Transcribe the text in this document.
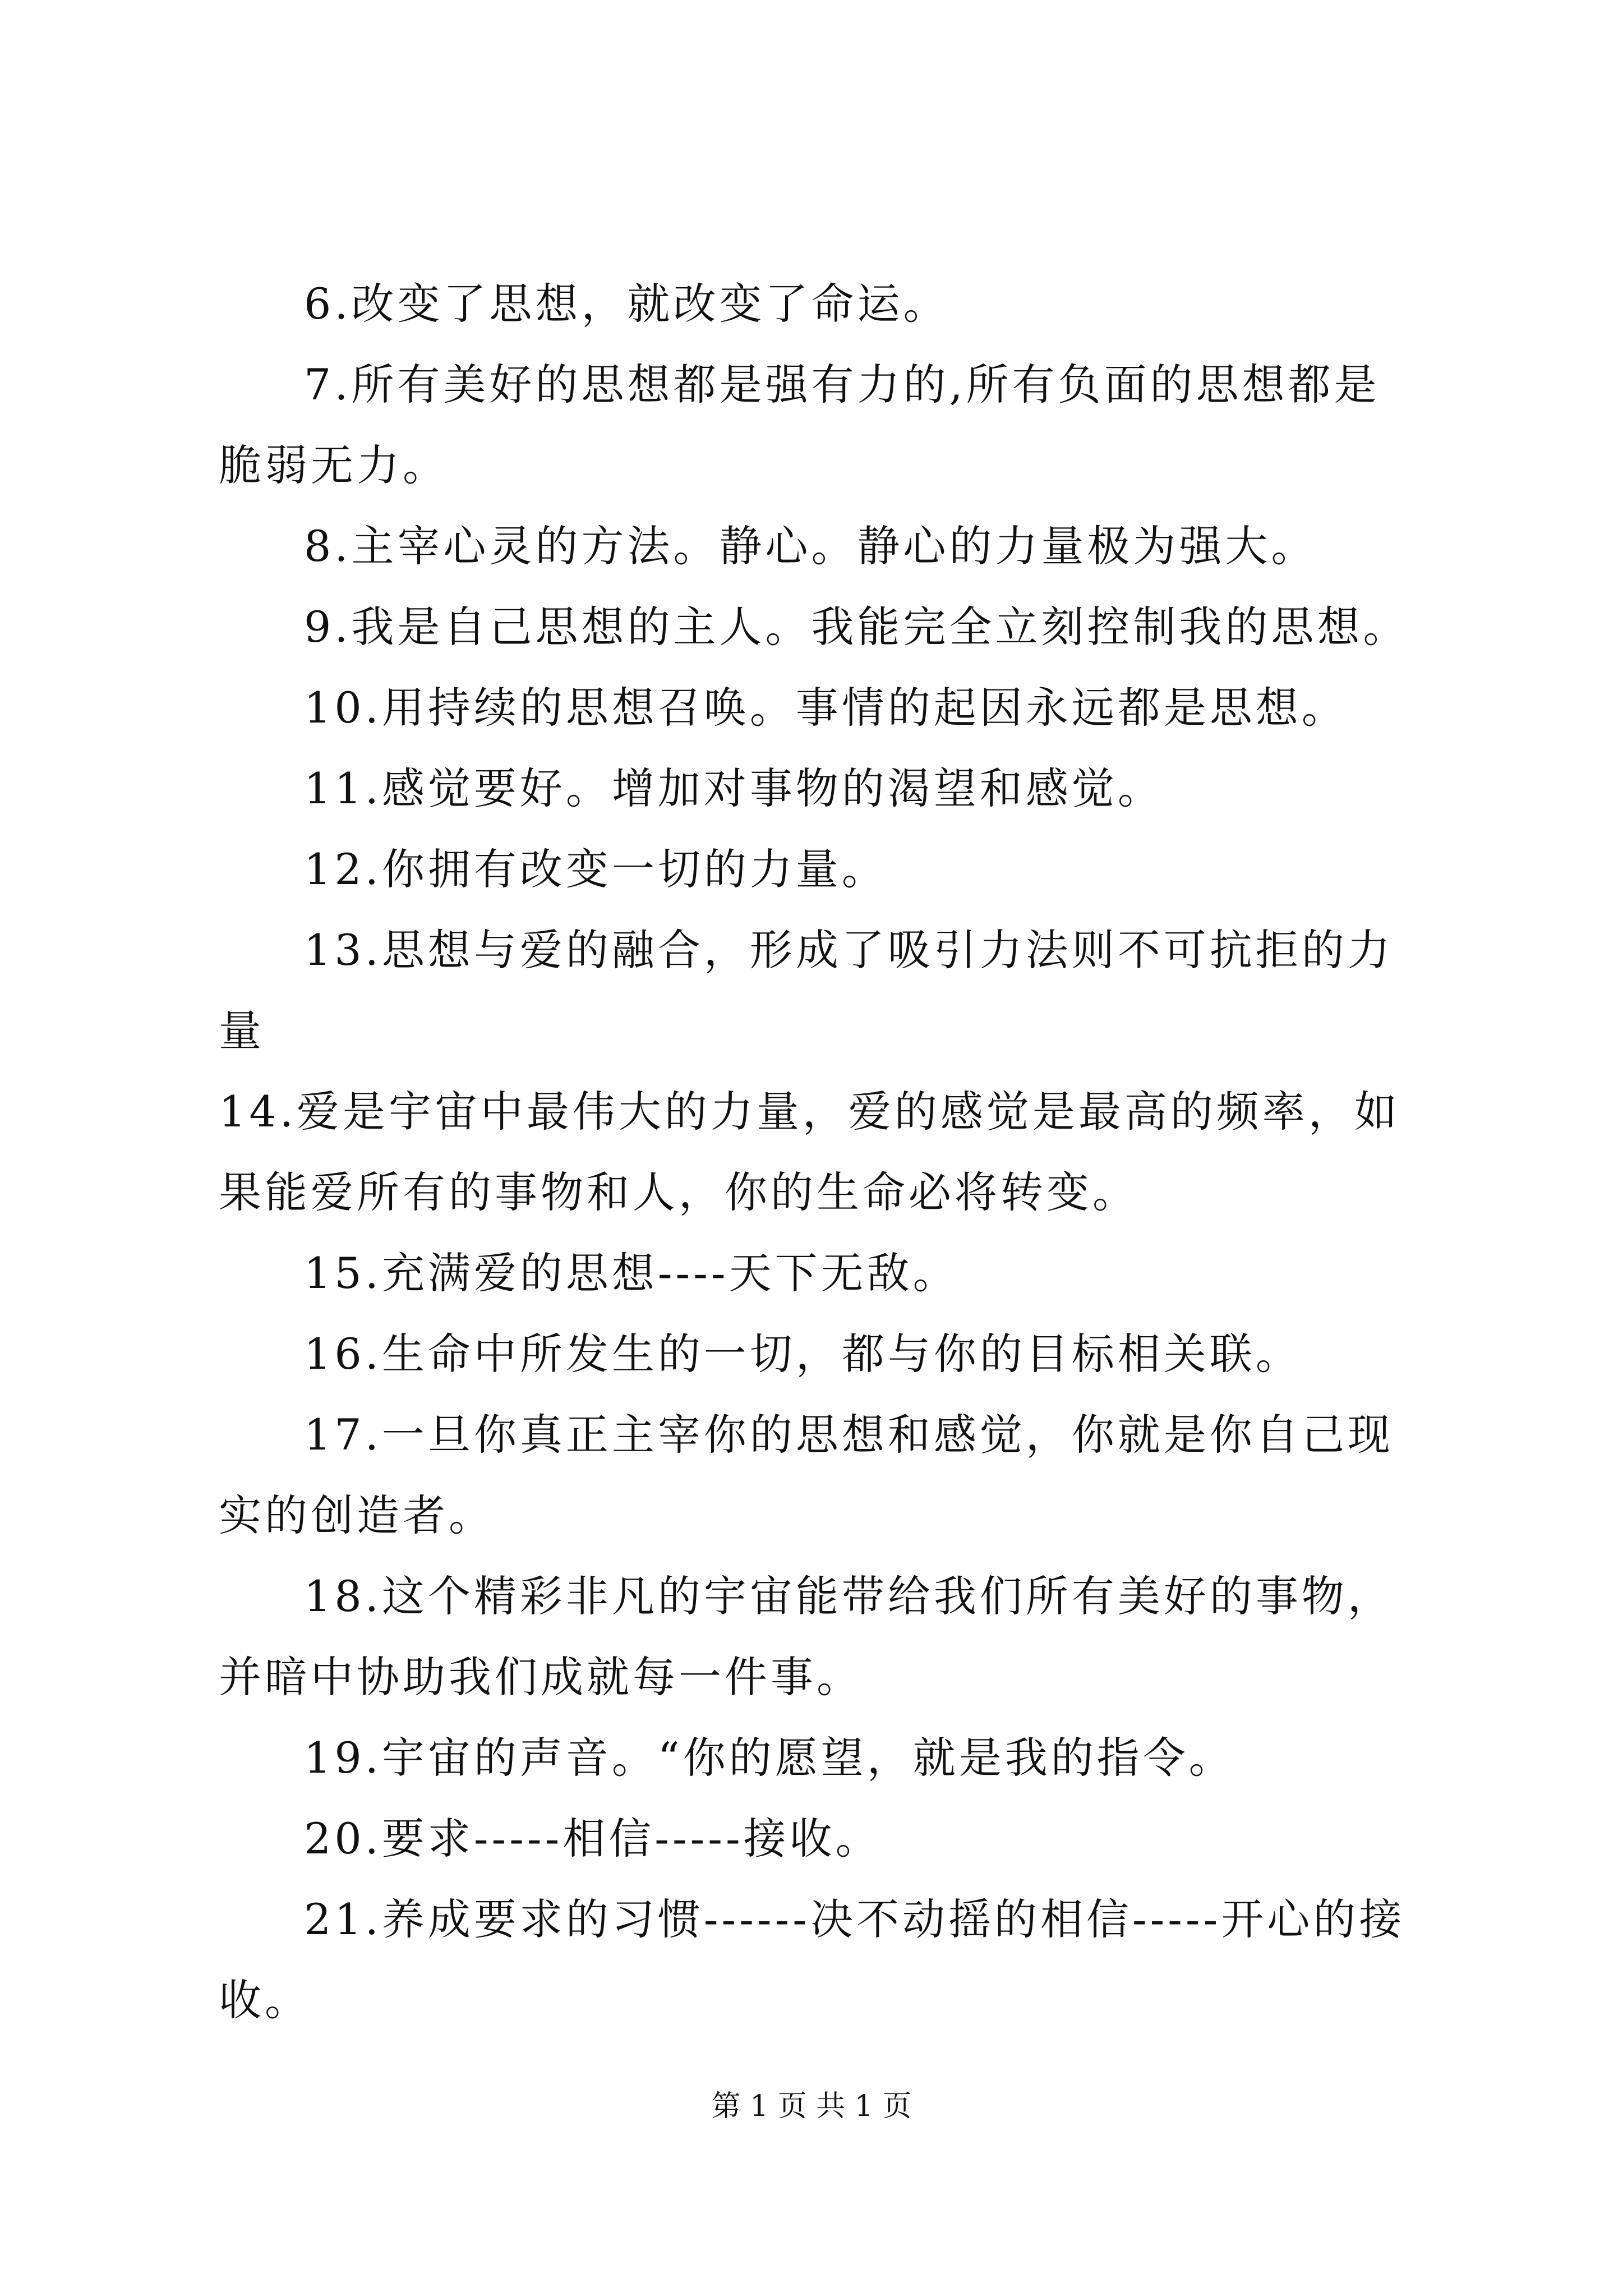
6.改变了思想，就改变了命运。

7.所有美好的思想都是强有力的,所有负面的思想都是脆弱无力。

8.主宰心灵的方法。静心。静心的力量极为强大。

9.我是自己思想的主人。我能完全立刻控制我的思想。

10.用持续的思想召唤。事情的起因永远都是思想。

11.感觉要好。增加对事物的渴望和感觉。

12.你拥有改变一切的力量。

13.思想与爱的融合，形成了吸引力法则不可抗拒的力量

14.爱是宇宙中最伟大的力量，爱的感觉是最高的频率，如果能爱所有的事物和人，你的生命必将转变。

15.充满爱的思想----天下无敌。

16.生命中所发生的一切，都与你的目标相关联。

17.一旦你真正主宰你的思想和感觉，你就是你自己现实的创造者。

18.这个精彩非凡的宇宙能带给我们所有美好的事物，并暗中协助我们成就每一件事。

19.宇宙的声音。“你的愿望，就是我的指令。

20.要求-----相信-----接收。

21.养成要求的习惯------决不动摇的相信-----开心的接收。

第 1 页 共 1 页
